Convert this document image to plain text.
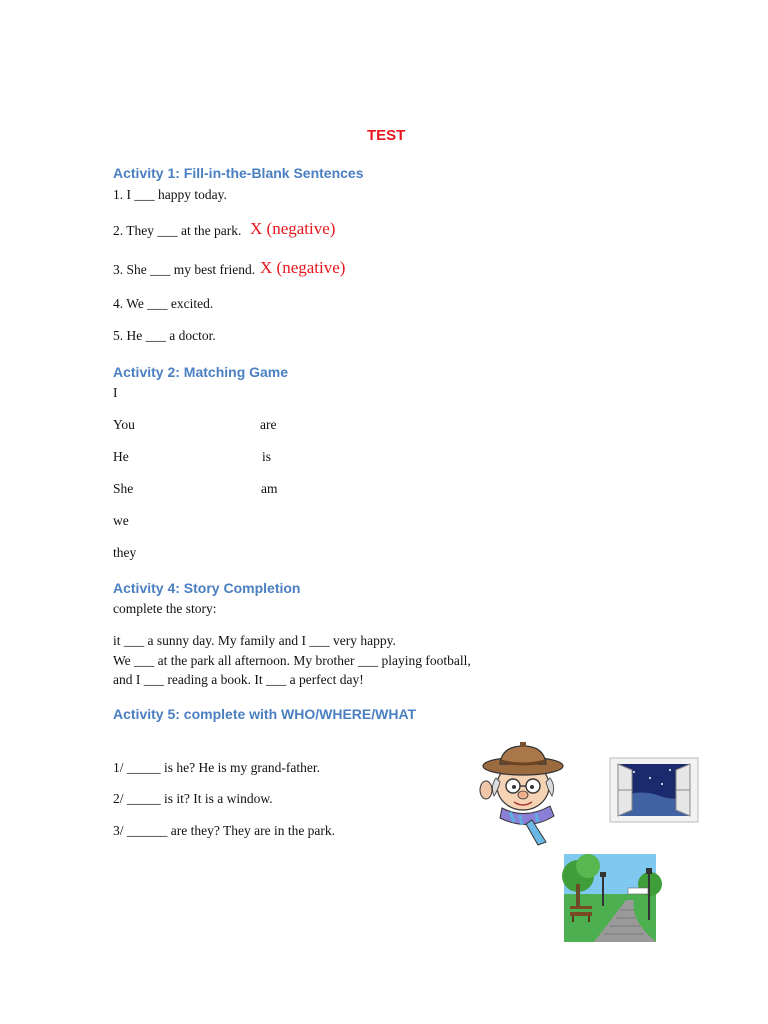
TEST
Activity 1: Fill-in-the-Blank Sentences
1. I ___ happy today.
2. They ___ at the park. X (negative)
3. She ___ my best friend. X (negative)
4. We ___ excited.
5. He ___ a doctor.
Activity 2: Matching Game
I
You
He
She
we
they
are
is
am
Activity 4: Story Completion
complete the story:
it ___ a sunny day. My family and I ___ very happy.
We ___ at the park all afternoon. My brother ___ playing football,
and I ___ reading a book. It ___ a perfect day!
Activity 5: complete with WHO/WHERE/WHAT
1/ _____ is he? He is my grand-father.
2/ _____ is it? It is a window.
3/ ______ are they? They are in the park.
